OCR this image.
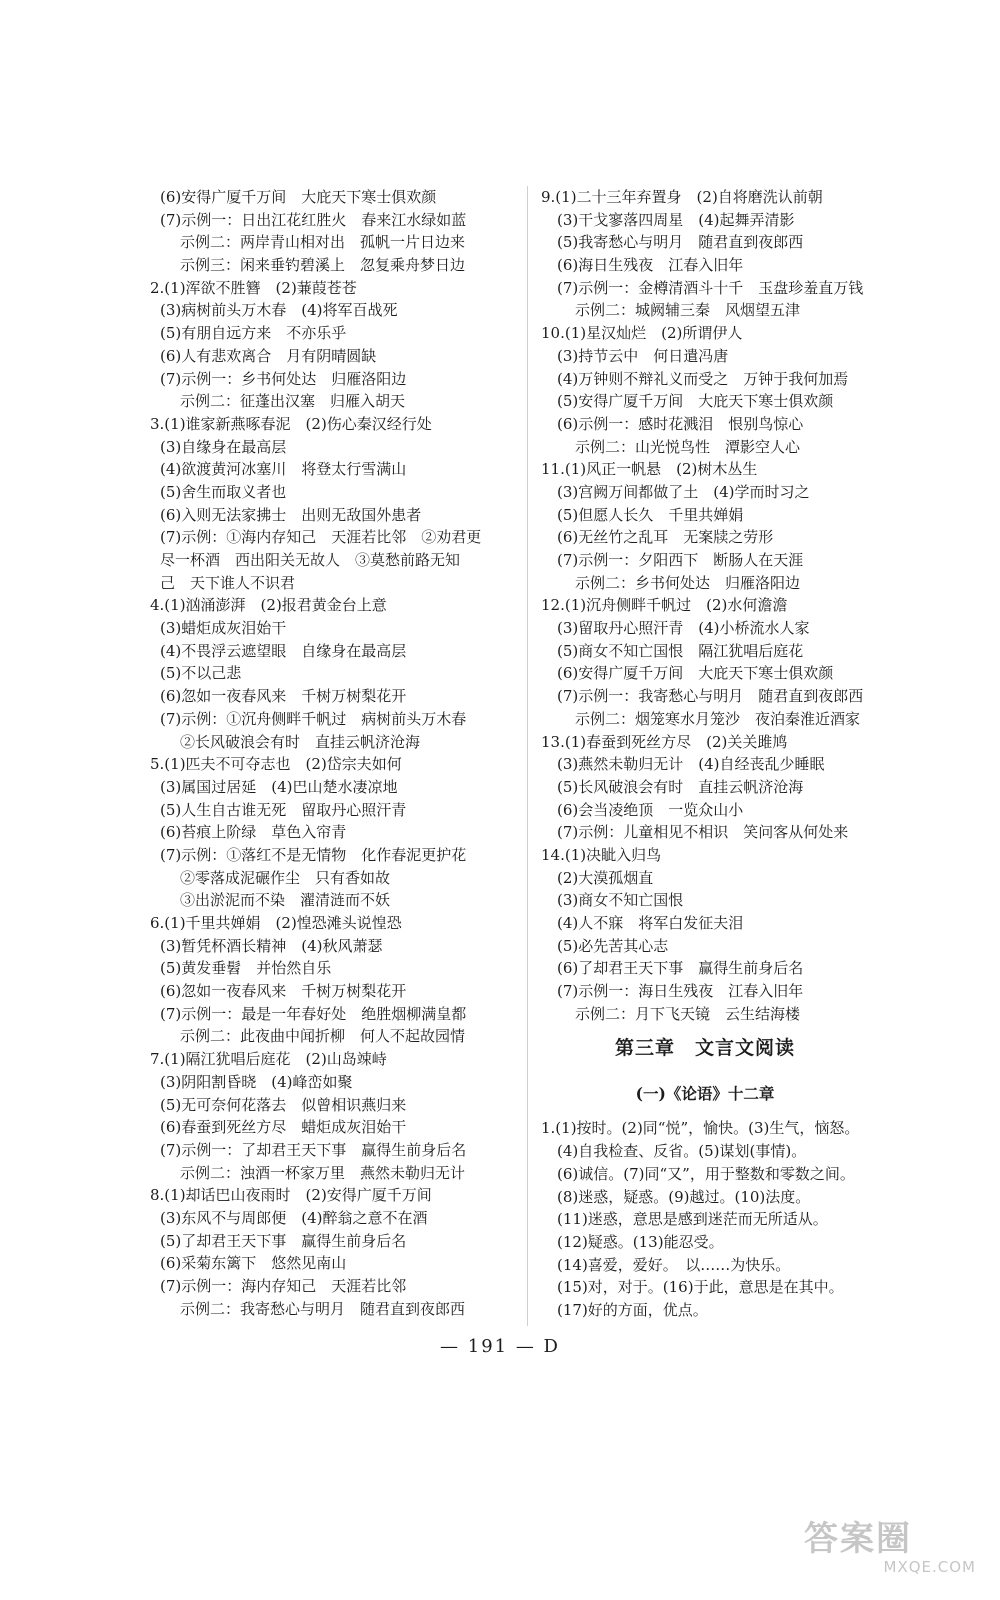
(6)安得广厦千万间　大庇天下寒士俱欢颜
(7)示例一：日出江花红胜火　春来江水绿如蓝
示例二：两岸青山相对出　孤帆一片日边来
示例三：闲来垂钓碧溪上　忽复乘舟梦日边
2.(1)浑欲不胜簪　(2)蒹葭苍苍
(3)病树前头万木春　(4)将军百战死
(5)有朋自远方来　不亦乐乎
(6)人有悲欢离合　月有阴晴圆缺
(7)示例一：乡书何处达　归雁洛阳边
示例二：征蓬出汉塞　归雁入胡天
3.(1)谁家新燕啄春泥　(2)伤心秦汉经行处
(3)自缘身在最高层
(4)欲渡黄河冰塞川　将登太行雪满山
(5)舍生而取义者也
(6)入则无法家拂士　出则无敌国外患者
(7)示例：①海内存知己　天涯若比邻　②劝君更
尽一杯酒　西出阳关无故人　③莫愁前路无知
己　天下谁人不识君
4.(1)汹涌澎湃　(2)报君黄金台上意
(3)蜡炬成灰泪始干
(4)不畏浮云遮望眼　自缘身在最高层
(5)不以己悲
(6)忽如一夜春风来　千树万树梨花开
(7)示例：①沉舟侧畔千帆过　病树前头万木春
②长风破浪会有时　直挂云帆济沧海
5.(1)匹夫不可夺志也　(2)岱宗夫如何
(3)属国过居延　(4)巴山楚水凄凉地
(5)人生自古谁无死　留取丹心照汗青
(6)苔痕上阶绿　草色入帘青
(7)示例：①落红不是无情物　化作春泥更护花
②零落成泥碾作尘　只有香如故
③出淤泥而不染　濯清涟而不妖
6.(1)千里共婵娟　(2)惶恐滩头说惶恐
(3)暂凭杯酒长精神　(4)秋风萧瑟
(5)黄发垂髫　并怡然自乐
(6)忽如一夜春风来　千树万树梨花开
(7)示例一：最是一年春好处　绝胜烟柳满皇都
示例二：此夜曲中闻折柳　何人不起故园情
7.(1)隔江犹唱后庭花　(2)山岛竦峙
(3)阴阳割昏晓　(4)峰峦如聚
(5)无可奈何花落去　似曾相识燕归来
(6)春蚕到死丝方尽　蜡炬成灰泪始干
(7)示例一：了却君王天下事　赢得生前身后名
示例二：浊酒一杯家万里　燕然未勒归无计
8.(1)却话巴山夜雨时　(2)安得广厦千万间
(3)东风不与周郎便　(4)醉翁之意不在酒
(5)了却君王天下事　赢得生前身后名
(6)采菊东篱下　悠然见南山
(7)示例一：海内存知己　天涯若比邻
示例二：我寄愁心与明月　随君直到夜郎西
9.(1)二十三年弃置身　(2)自将磨洗认前朝
(3)干戈寥落四周星　(4)起舞弄清影
(5)我寄愁心与明月　随君直到夜郎西
(6)海日生残夜　江春入旧年
(7)示例一：金樽清酒斗十千　玉盘珍羞直万钱
示例二：城阙辅三秦　风烟望五津
10.(1)星汉灿烂　(2)所谓伊人
(3)持节云中　何日遣冯唐
(4)万钟则不辩礼义而受之　万钟于我何加焉
(5)安得广厦千万间　大庇天下寒士俱欢颜
(6)示例一：感时花溅泪　恨别鸟惊心
示例二：山光悦鸟性　潭影空人心
11.(1)风正一帆悬　(2)树木丛生
(3)宫阙万间都做了土　(4)学而时习之
(5)但愿人长久　千里共婵娟
(6)无丝竹之乱耳　无案牍之劳形
(7)示例一：夕阳西下　断肠人在天涯
示例二：乡书何处达　归雁洛阳边
12.(1)沉舟侧畔千帆过　(2)水何澹澹
(3)留取丹心照汗青　(4)小桥流水人家
(5)商女不知亡国恨　隔江犹唱后庭花
(6)安得广厦千万间　大庇天下寒士俱欢颜
(7)示例一：我寄愁心与明月　随君直到夜郎西
示例二：烟笼寒水月笼沙　夜泊秦淮近酒家
13.(1)春蚕到死丝方尽　(2)关关雎鸠
(3)燕然未勒归无计　(4)自经丧乱少睡眠
(5)长风破浪会有时　直挂云帆济沧海
(6)会当凌绝顶　一览众山小
(7)示例：儿童相见不相识　笑问客从何处来
14.(1)决眦入归鸟
(2)大漠孤烟直
(3)商女不知亡国恨
(4)人不寐　将军白发征夫泪
(5)必先苦其心志
(6)了却君王天下事　赢得生前身后名
(7)示例一：海日生残夜　江春入旧年
示例二：月下飞天镜　云生结海楼
第三章　文言文阅读
(一)《论语》十二章
1.(1)按时。(2)同“悦”，愉快。(3)生气，恼怒。
(4)自我检查、反省。(5)谋划(事情)。
(6)诚信。(7)同“又”，用于整数和零数之间。
(8)迷惑，疑惑。(9)越过。(10)法度。
(11)迷惑，意思是感到迷茫而无所适从。
(12)疑惑。(13)能忍受。
(14)喜爱，爱好。　以……为快乐。
(15)对，对于。(16)于此，意思是在其中。
(17)好的方面，优点。
— 191 — D
答案圈
MXQE.COM
